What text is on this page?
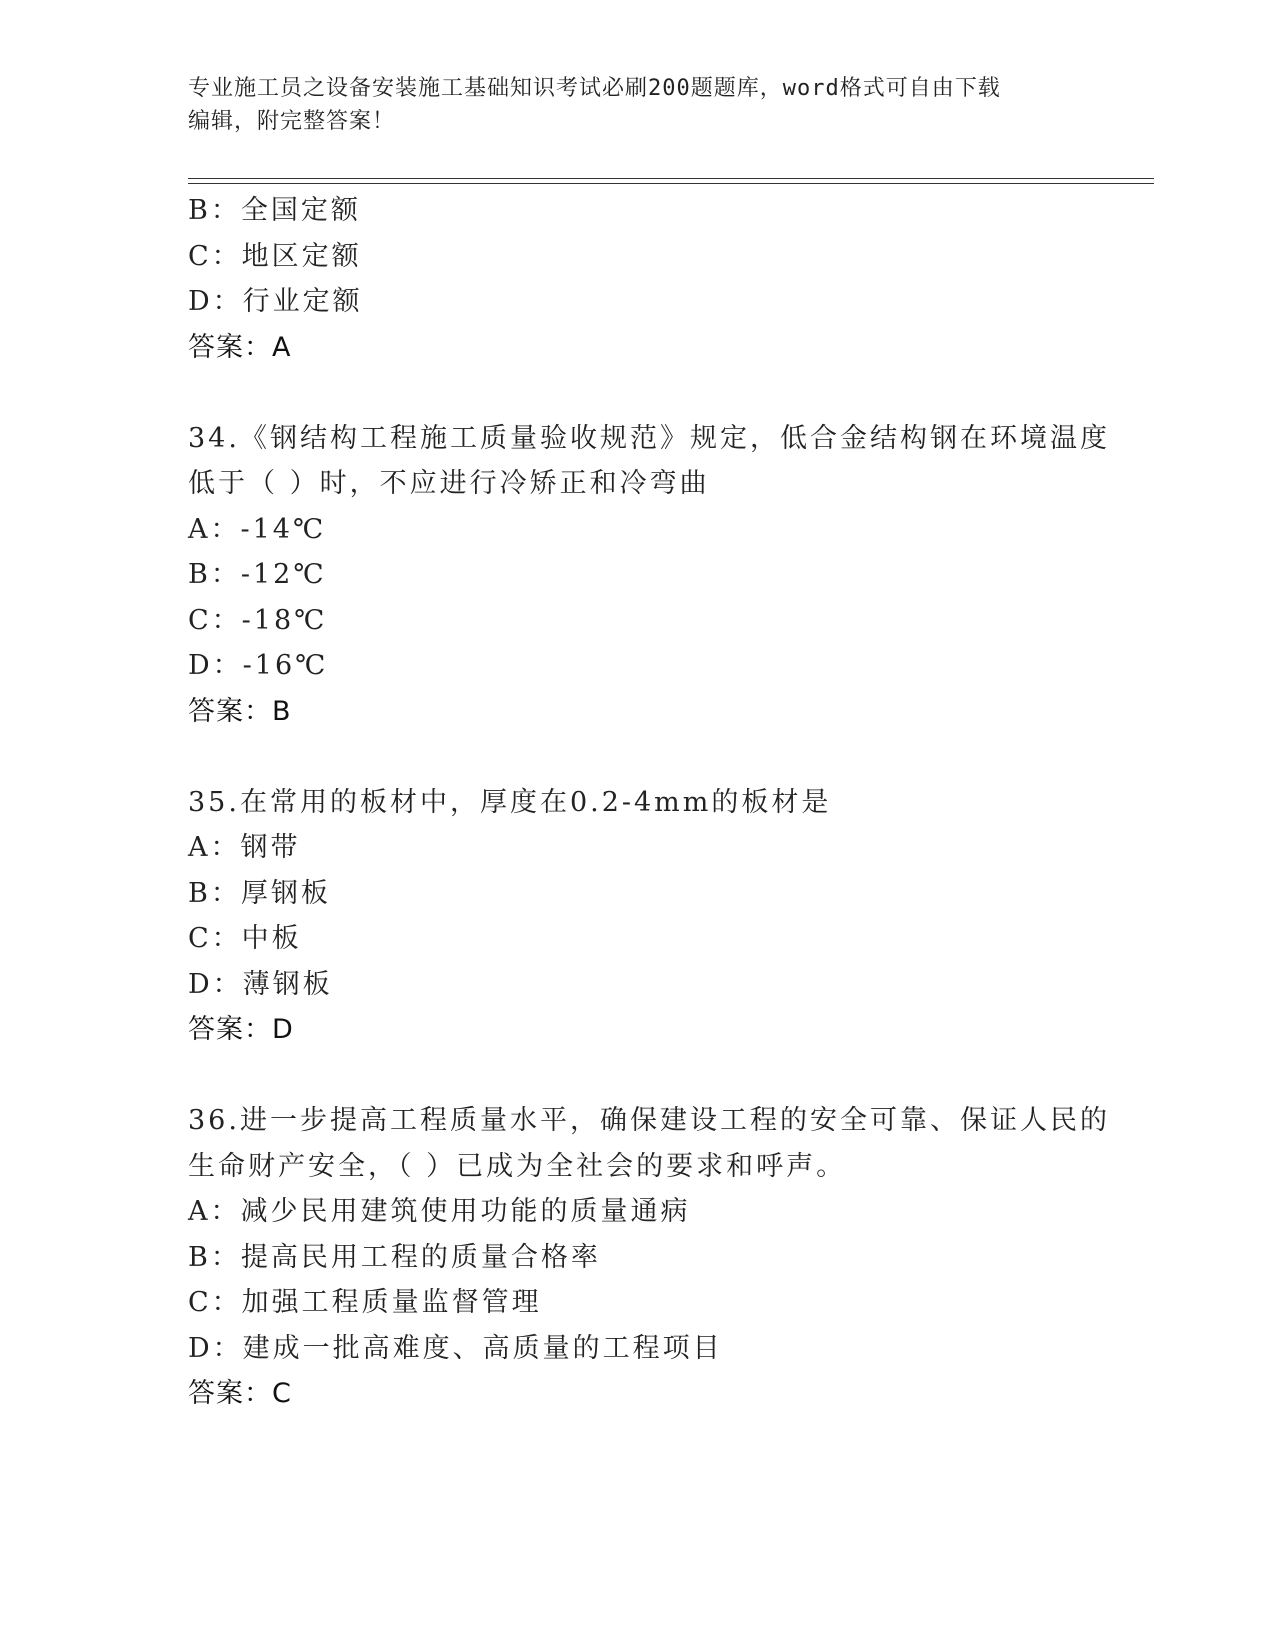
专业施工员之设备安装施工基础知识考试必刷200题题库，word格式可自由下载
编辑，附完整答案！
B：全国定额
C：地区定额
D：行业定额
答案：A
34.《钢结构工程施工质量验收规范》规定，低合金结构钢在环境温度
低于（ ）时，不应进行冷矫正和冷弯曲
A：-14℃
B：-12℃
C：-18℃
D：-16℃
答案：B
35.在常用的板材中，厚度在0.2-4mm的板材是
A：钢带
B：厚钢板
C：中板
D：薄钢板
答案：D
36.进一步提高工程质量水平，确保建设工程的安全可靠、保证人民的
生命财产安全，（ ）已成为全社会的要求和呼声。
A：减少民用建筑使用功能的质量通病
B：提高民用工程的质量合格率
C：加强工程质量监督管理
D：建成一批高难度、高质量的工程项目
答案：C
